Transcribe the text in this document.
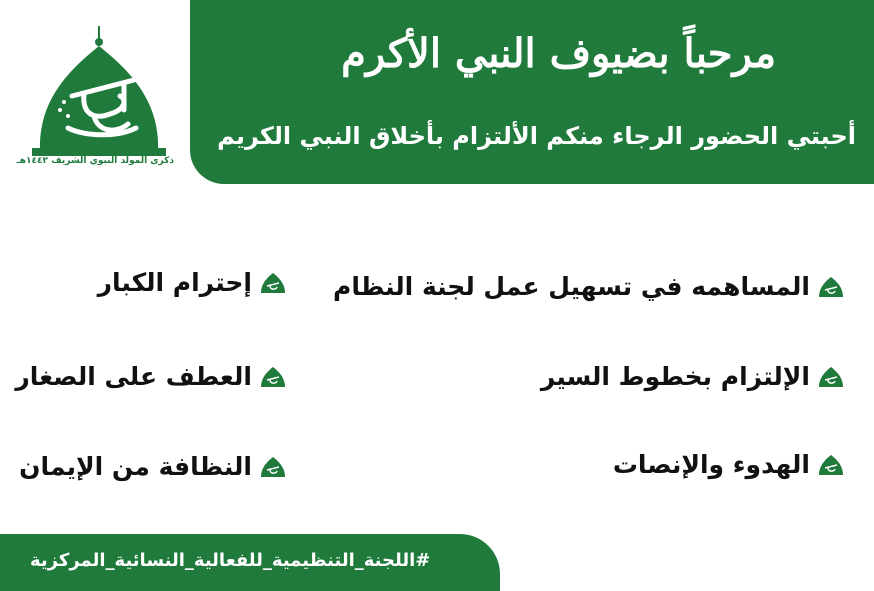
مرحباً بضيوف النبي الأكرم
أحبتي الحضور الرجاء منكم الألتزام بأخلاق النبي الكريم
ذكرى المولد النبوي الشريف ١٤٤٢هـ
المساهمه في تسهيل عمل لجنة النظام
الإلتزام بخطوط السير
الهدوء والإنصات
إحترام الكبار
العطف على الصغار
النظافة من الإيمان
#اللجنة_التنظيمية_للفعالية_النسائية_المركزية
